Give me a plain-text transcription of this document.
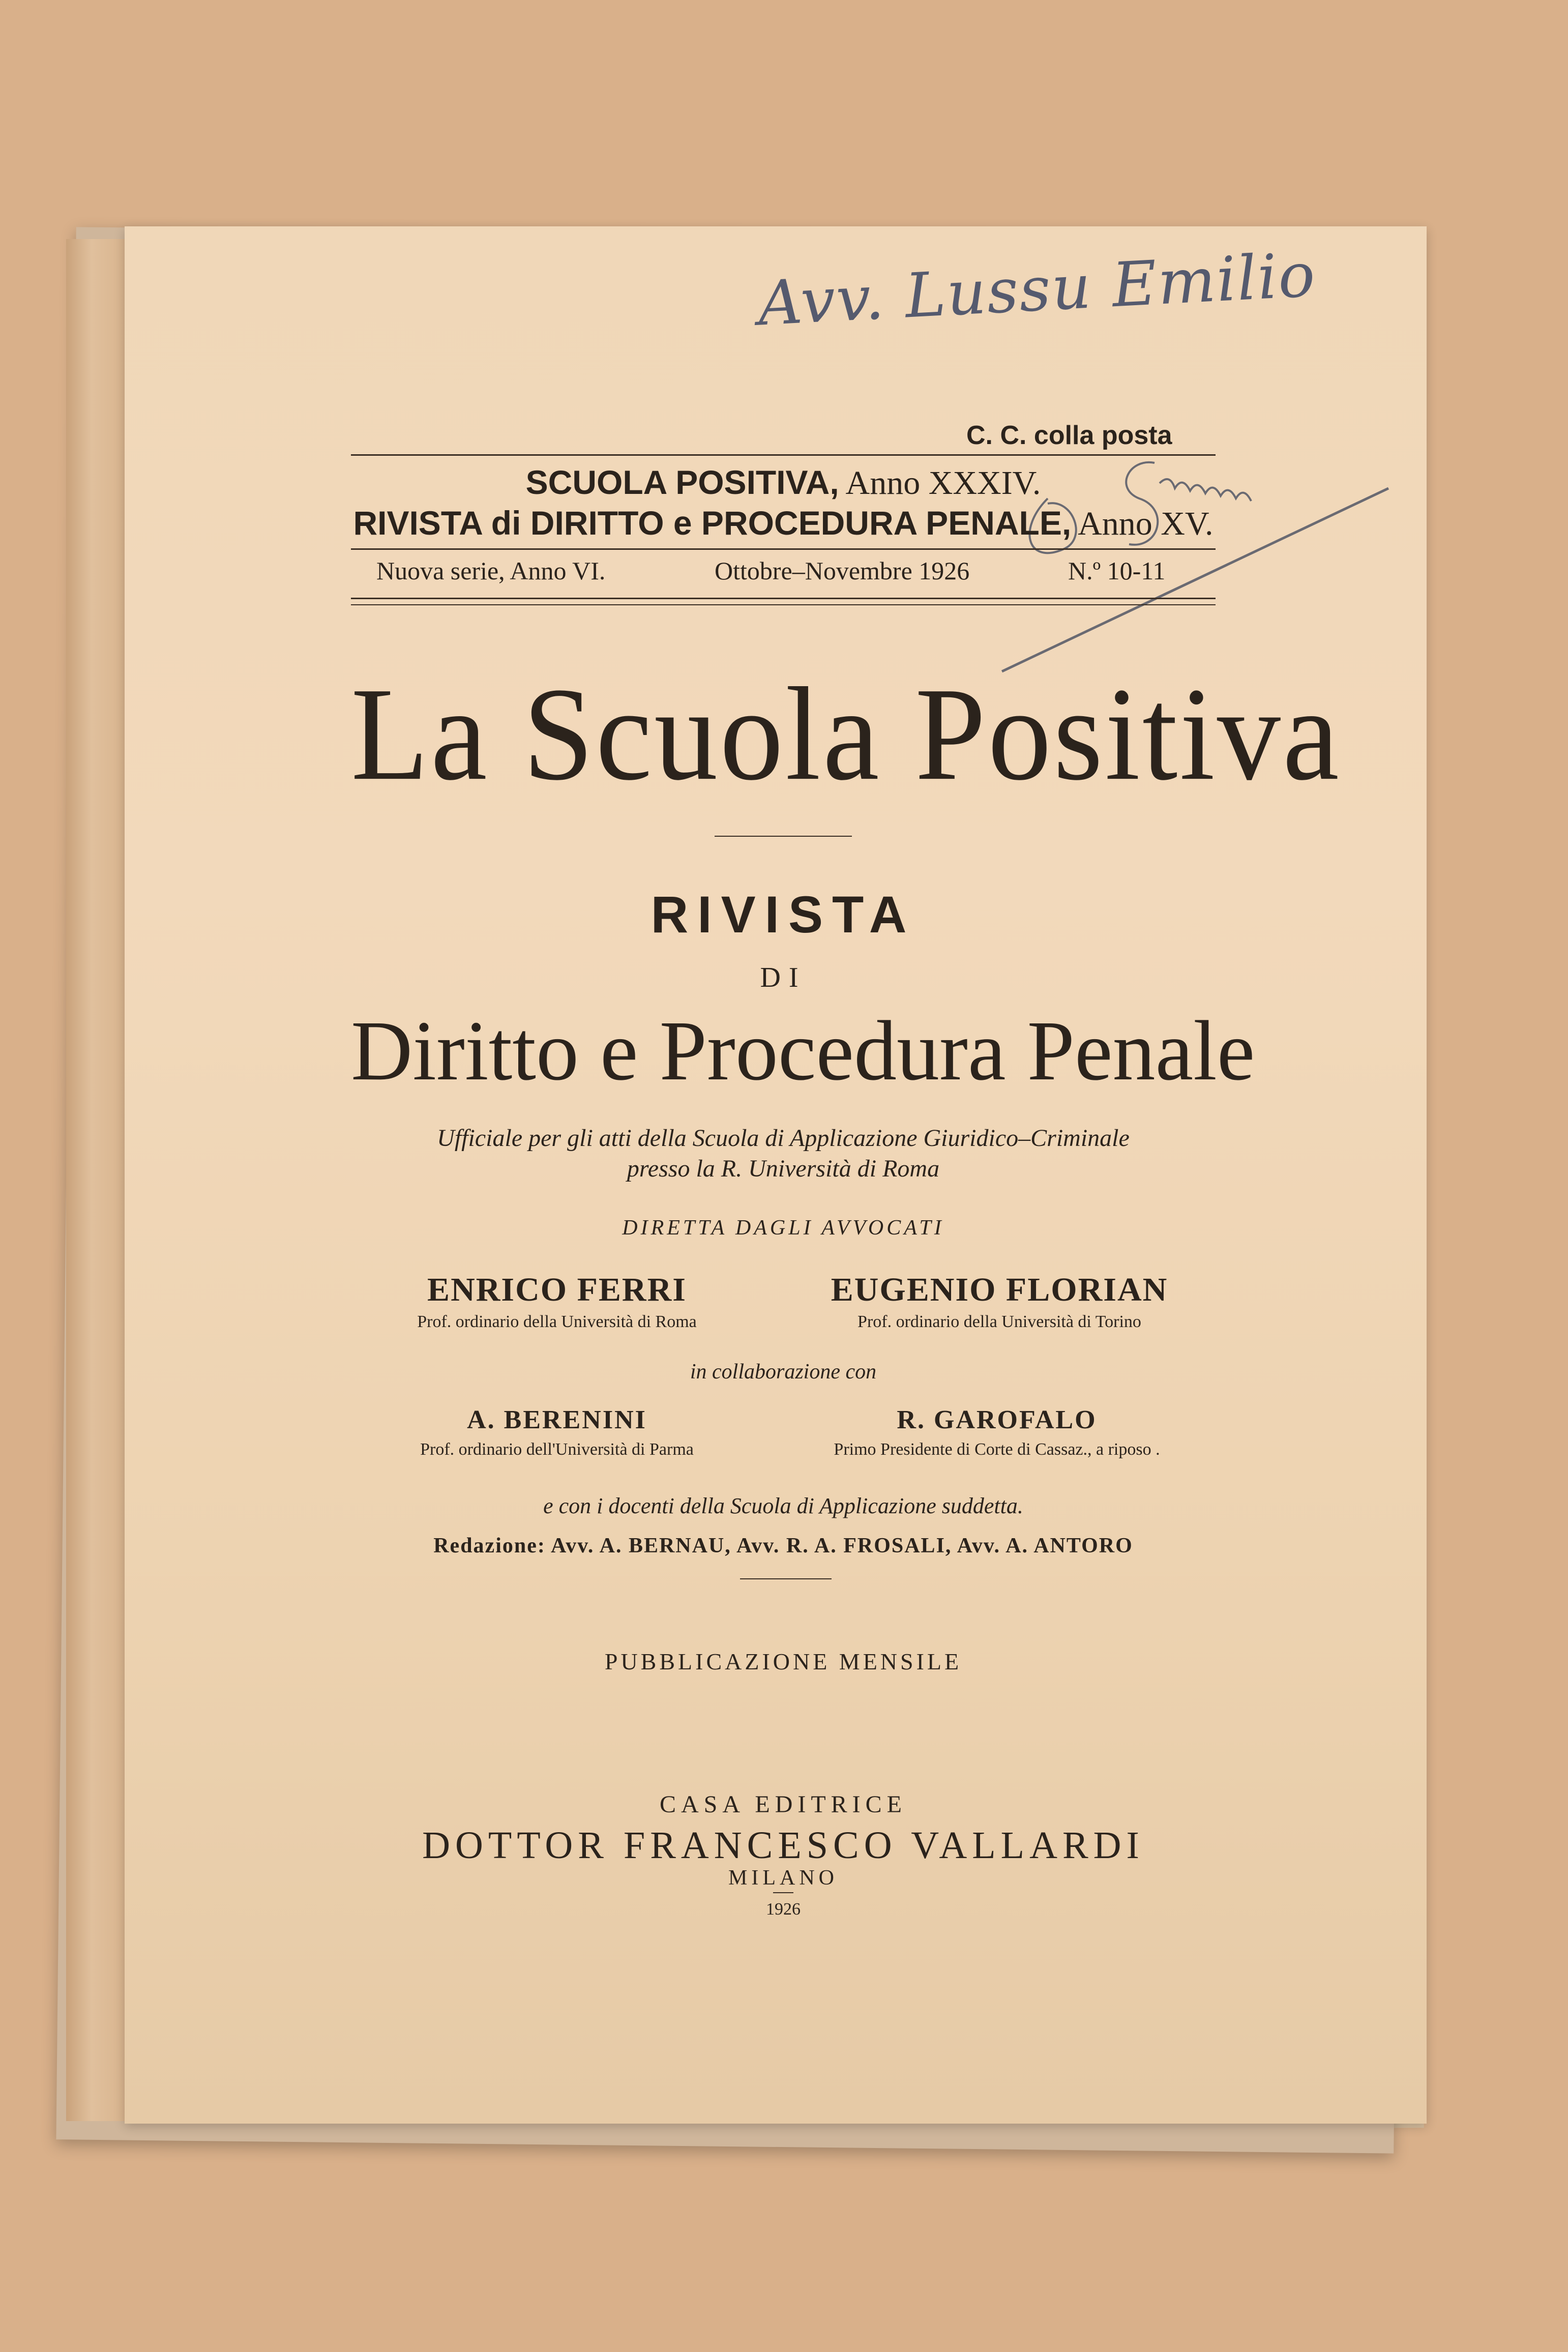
Avv. Lussu Emilio
C. C. colla posta
SCUOLA POSITIVA, Anno XXXIV.
RIVISTA di DIRITTO e PROCEDURA PENALE, Anno XV.
Nuova serie, Anno VI.	Ottobre–Novembre 1926	N.º 10-11
La Scuola Positiva
RIVISTA
DI
Diritto e Procedura Penale
Ufficiale per gli atti della Scuola di Applicazione Giuridico–Criminale
presso la R. Università di Roma
DIRETTA DAGLI AVVOCATI
ENRICO FERRI
Prof. ordinario della Università di Roma
EUGENIO FLORIAN
Prof. ordinario della Università di Torino
in collaborazione con
A. BERENINI
Prof. ordinario dell'Università di Parma
R. GAROFALO
Primo Presidente di Corte di Cassaz., a riposo .
e con i docenti della Scuola di Applicazione suddetta.
Redazione: Avv. A. BERNAU, Avv. R. A. FROSALI, Avv. A. ANTORO
PUBBLICAZIONE MENSILE
CASA EDITRICE
DOTTOR FRANCESCO VALLARDI
MILANO
1926
